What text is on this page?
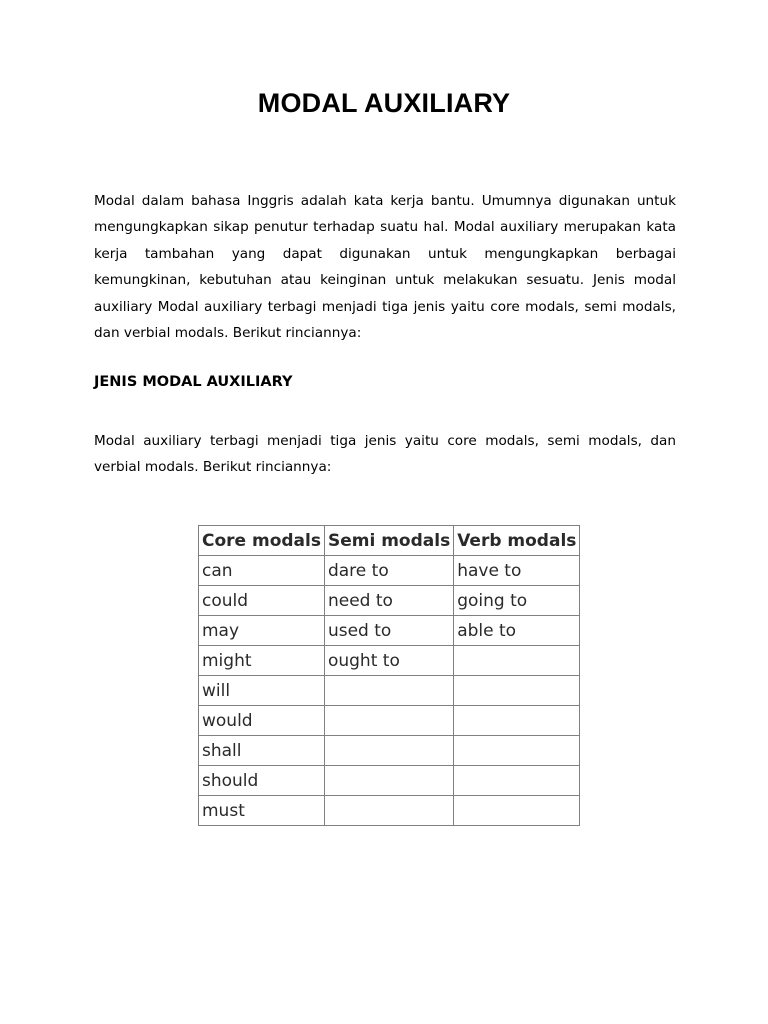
MODAL AUXILIARY

Modal dalam bahasa Inggris adalah kata kerja bantu. Umumnya digunakan untuk mengungkapkan sikap penutur terhadap suatu hal. Modal auxiliary merupakan kata kerja tambahan yang dapat digunakan untuk mengungkapkan berbagai kemungkinan, kebutuhan atau keinginan untuk melakukan sesuatu. Jenis modal auxiliary Modal auxiliary terbagi menjadi tiga jenis yaitu core modals, semi modals, dan verbial modals. Berikut rinciannya:

JENIS MODAL AUXILIARY

Modal auxiliary terbagi menjadi tiga jenis yaitu core modals, semi modals, dan verbial modals. Berikut rinciannya:

Core modals	Semi modals	Verb modals
can	dare to	have to
could	need to	going to
may	used to	able to
might	ought to	
will		
would		
shall		
should		
must		
